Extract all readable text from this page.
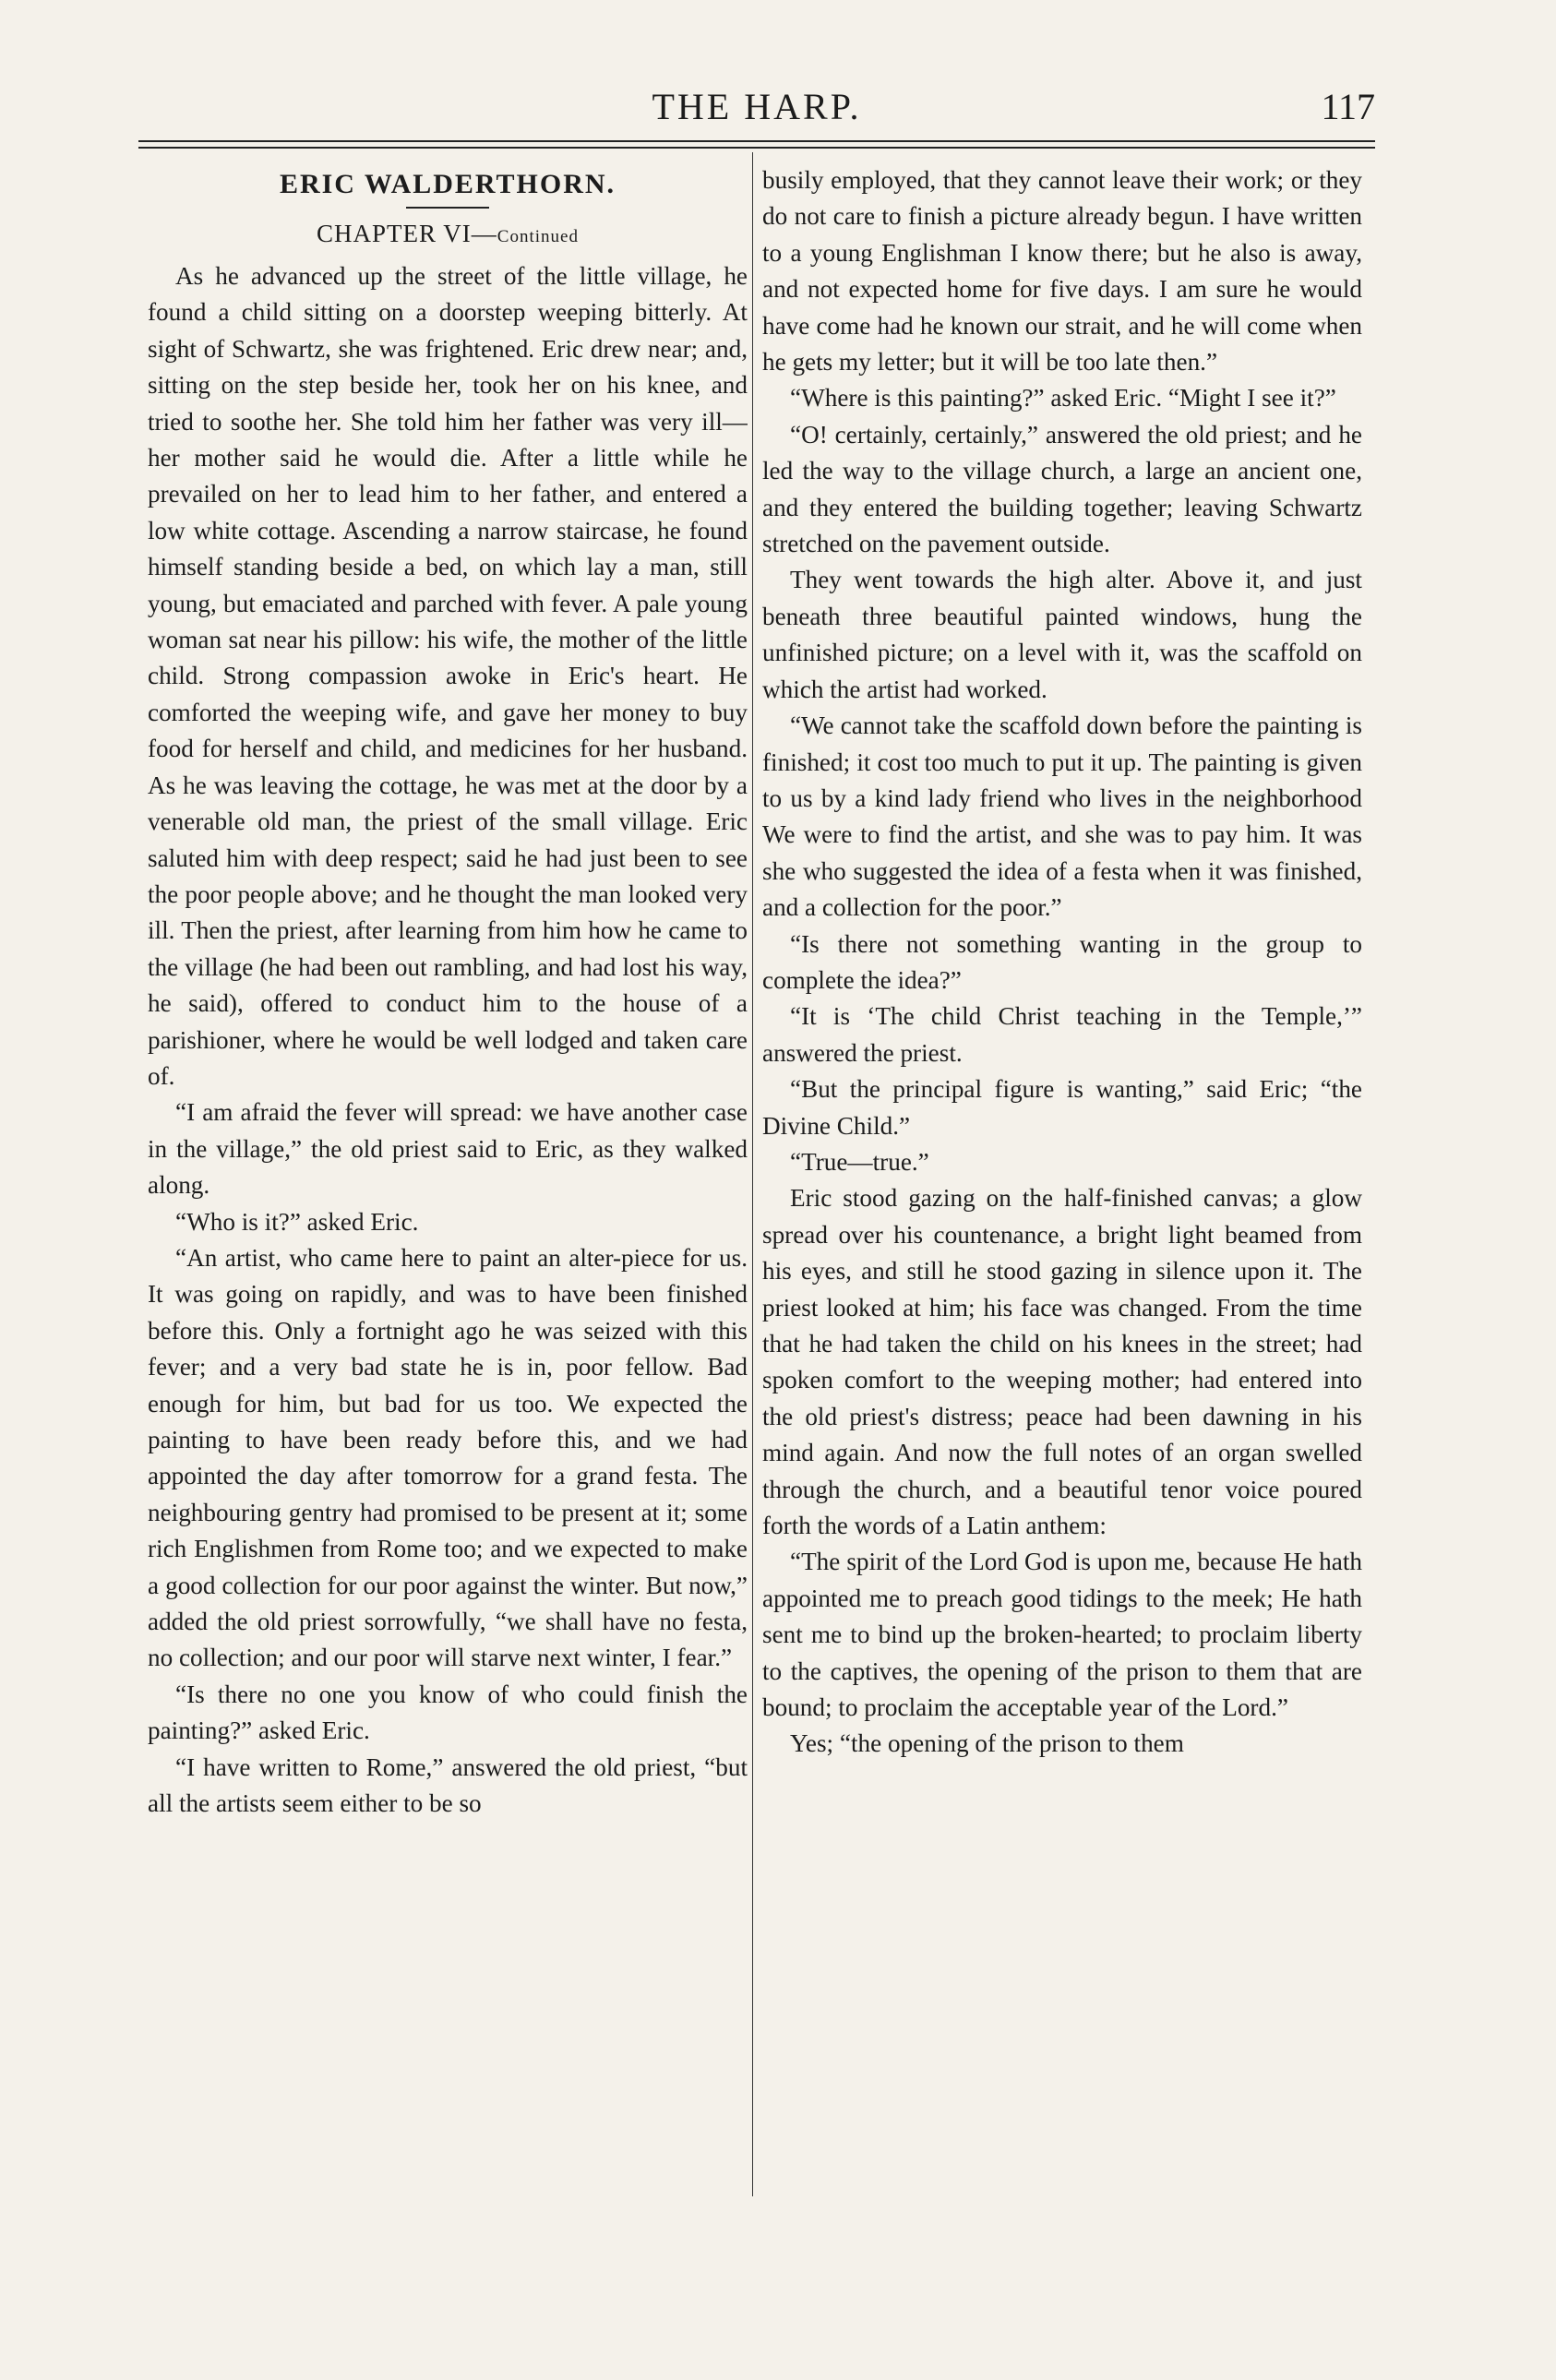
THE HARP.	117
ERIC WALDERTHORN.
CHAPTER VI—Continued

As he advanced up the street of the little village, he found a child sitting on a doorstep weeping bitterly. At sight of Schwartz, she was frightened. Eric drew near; and, sitting on the step beside her, took her on his knee, and tried to soothe her. She told him her father was very ill—her mother said he would die. After a little while he prevailed on her to lead him to her father, and entered a low white cottage. Ascending a narrow staircase, he found himself standing beside a bed, on which lay a man, still young, but emaciated and parched with fever. A pale young woman sat near his pillow: his wife, the mother of the little child. Strong compassion awoke in Eric's heart. He comforted the weeping wife, and gave her money to buy food for herself and child, and medicines for her husband. As he was leaving the cottage, he was met at the door by a venerable old man, the priest of the small village. Eric saluted him with deep respect; said he had just been to see the poor people above; and he thought the man looked very ill. Then the priest, after learning from him how he came to the village (he had been out rambling, and had lost his way, he said), offered to conduct him to the house of a parishioner, where he would be well lodged and taken care of.

“I am afraid the fever will spread: we have another case in the village,” the old priest said to Eric, as they walked along.

“Who is it?” asked Eric.

“An artist, who came here to paint an alter-piece for us. It was going on rapidly, and was to have been finished before this. Only a fortnight ago he was seized with this fever; and a very bad state he is in, poor fellow. Bad enough for him, but bad for us too. We expected the painting to have been ready before this, and we had appointed the day after tomorrow for a grand festa. The neighbouring gentry had promised to be present at it; some rich Englishmen from Rome too; and we expected to make a good collection for our poor against the winter. But now,” added the old priest sorrowfully, “we shall have no festa, no collection; and our poor will starve next winter, I fear.”

“Is there no one you know of who could finish the painting?” asked Eric.

“I have written to Rome,” answered the old priest, “but all the artists seem either to be so

busily employed, that they cannot leave their work; or they do not care to finish a picture already begun. I have written to a young Englishman I know there; but he also is away, and not expected home for five days. I am sure he would have come had he known our strait, and he will come when he gets my letter; but it will be too late then.”

“Where is this painting?” asked Eric. “Might I see it?”

“O! certainly, certainly,” answered the old priest; and he led the way to the village church, a large an ancient one, and they entered the building together; leaving Schwartz stretched on the pavement outside.

They went towards the high alter. Above it, and just beneath three beautiful painted windows, hung the unfinished picture; on a level with it, was the scaffold on which the artist had worked.

“We cannot take the scaffold down before the painting is finished; it cost too much to put it up. The painting is given to us by a kind lady friend who lives in the neighborhood We were to find the artist, and she was to pay him. It was she who suggested the idea of a festa when it was finished, and a collection for the poor.”

“Is there not something wanting in the group to complete the idea?”

“It is ‘The child Christ teaching in the Temple,’” answered the priest.

“But the principal figure is wanting,” said Eric; “the Divine Child.”

“True—true.”

Eric stood gazing on the half-finished canvas; a glow spread over his countenance, a bright light beamed from his eyes, and still he stood gazing in silence upon it. The priest looked at him; his face was changed. From the time that he had taken the child on his knees in the street; had spoken comfort to the weeping mother; had entered into the old priest's distress; peace had been dawning in his mind again. And now the full notes of an organ swelled through the church, and a beautiful tenor voice poured forth the words of a Latin anthem:

“The spirit of the Lord God is upon me, because He hath appointed me to preach good tidings to the meek; He hath sent me to bind up the broken-hearted; to proclaim liberty to the captives, the opening of the prison to them that are bound; to proclaim the acceptable year of the Lord.”

Yes; “the opening of the prison to them
